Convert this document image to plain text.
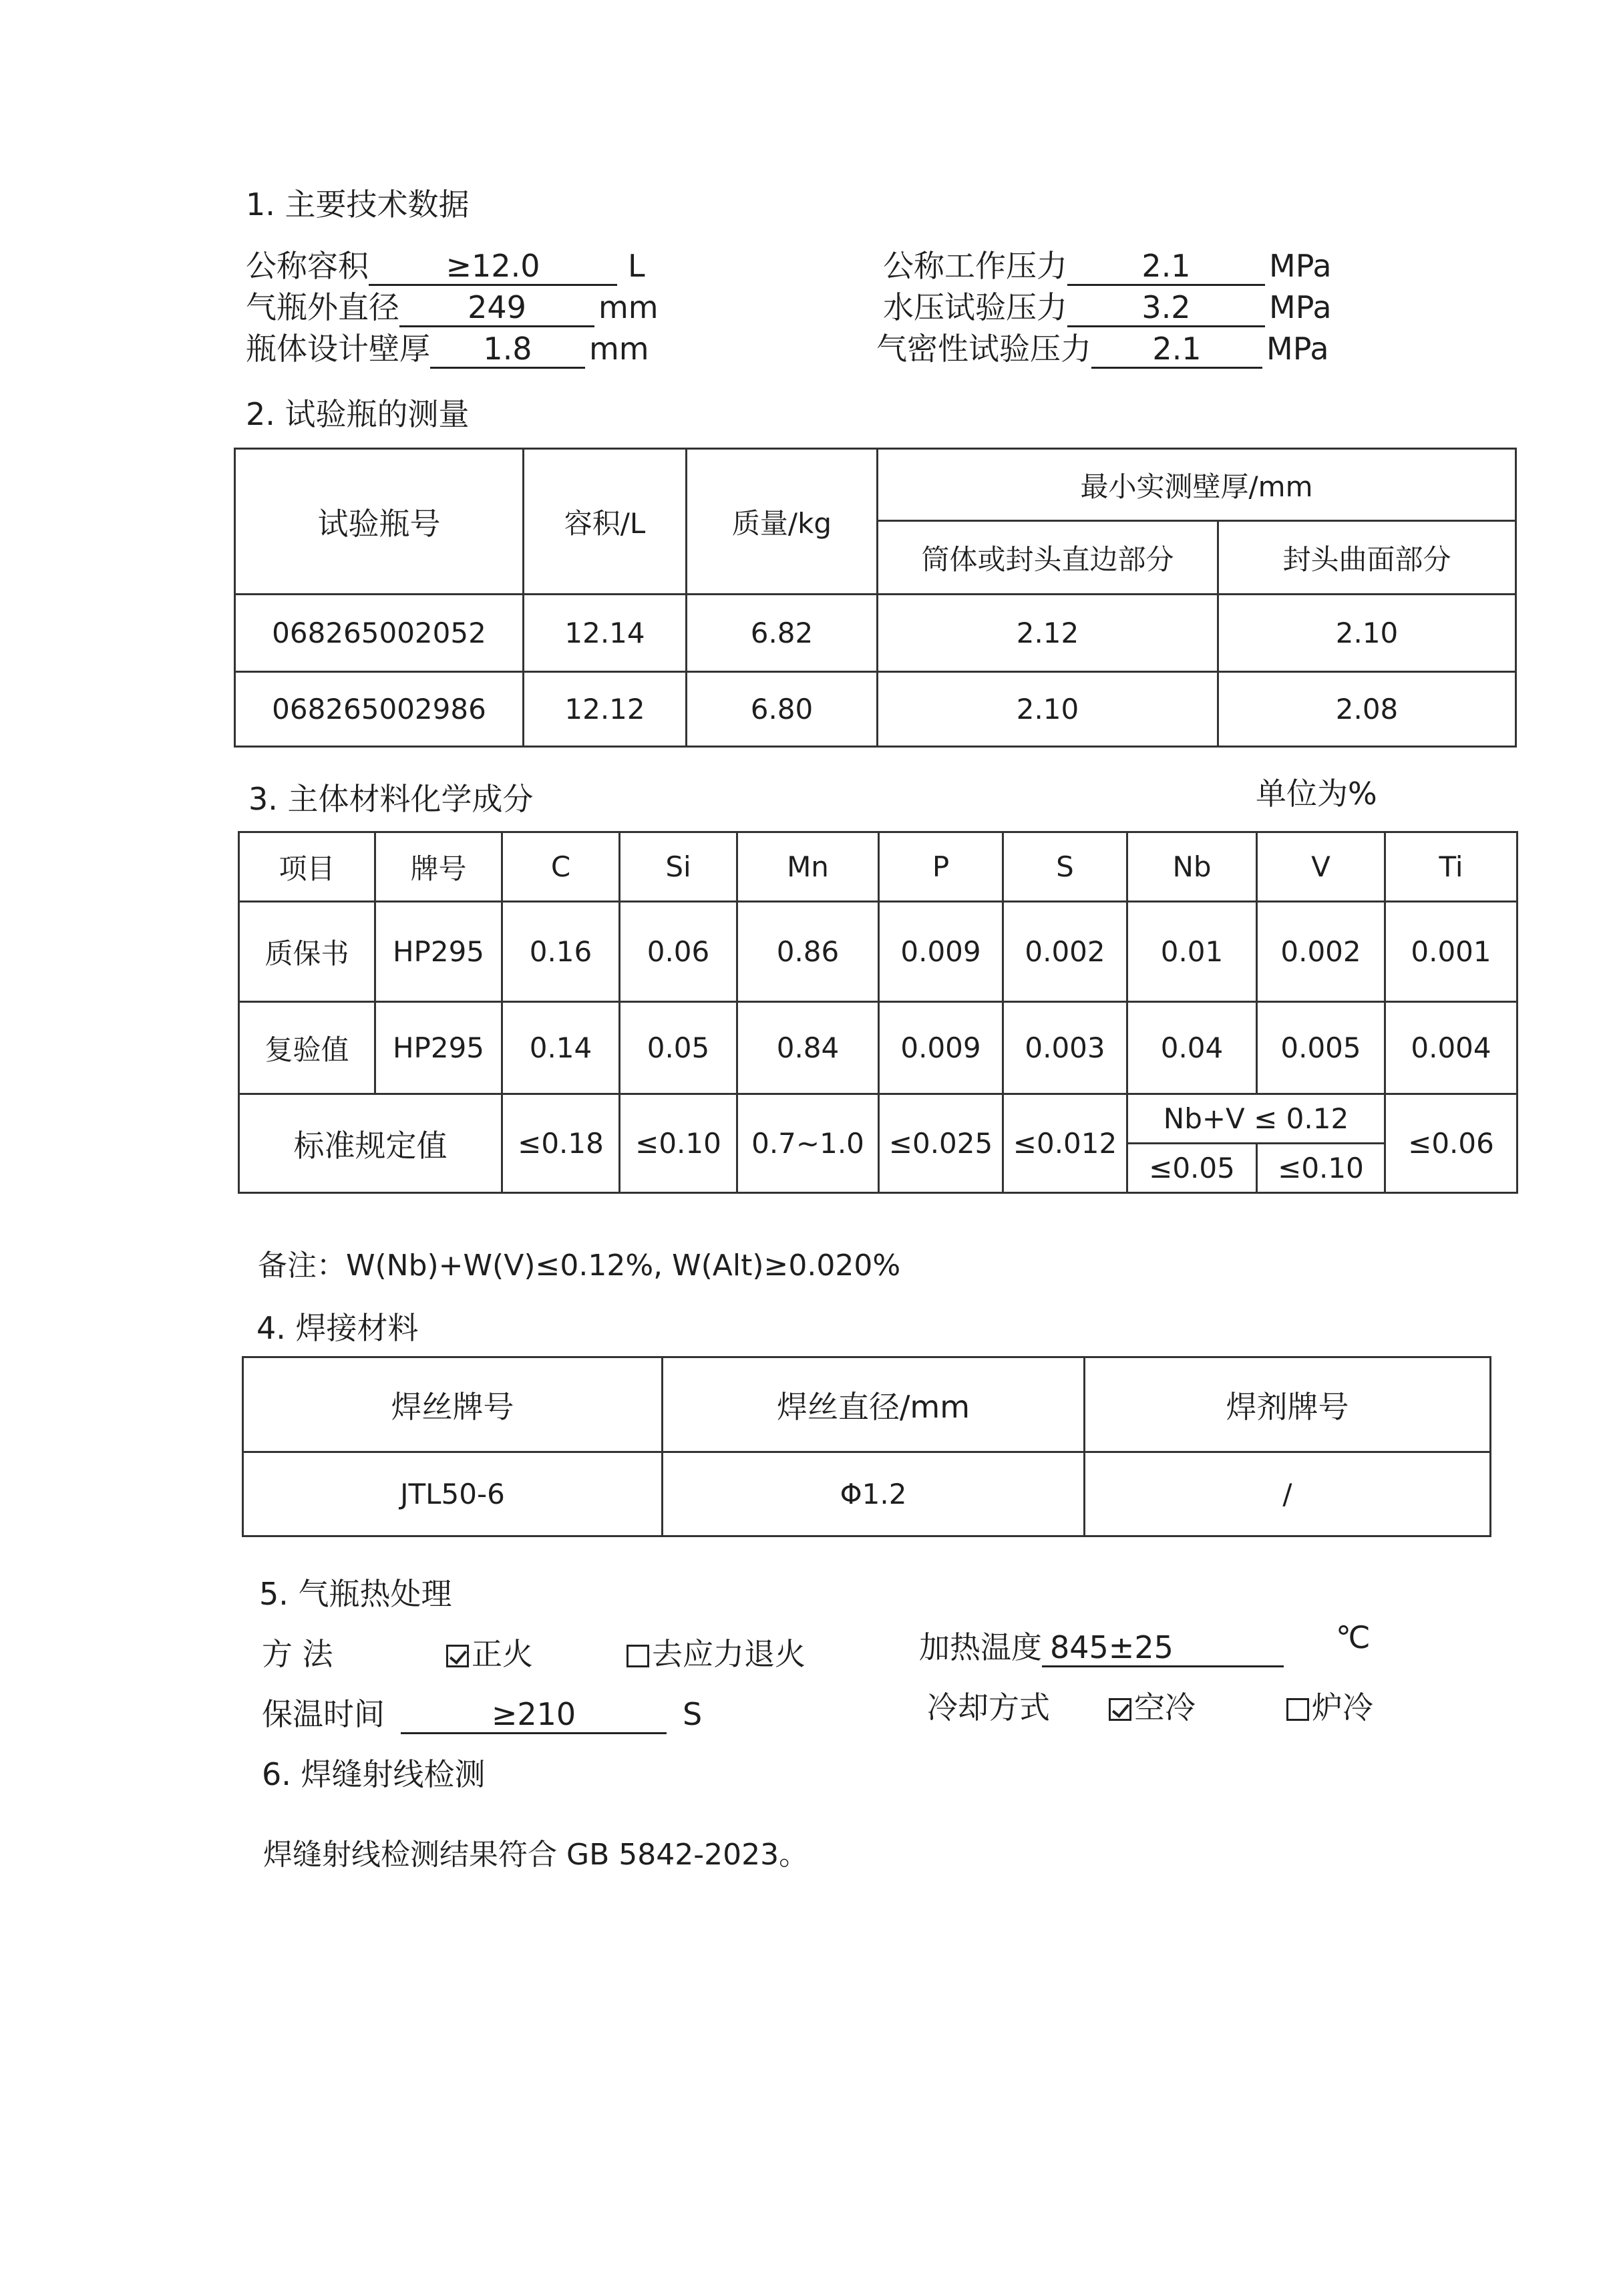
1. 主要技术数据
公称容积	≥12.0	L
气瓶外直径 249 mm
瓶体设计壁厚 1.8 mm
公称工作压力 2.1	MPa
水压试验压力 3.2	MPa
气密性试验压力 2.1 MPa
2. 试验瓶的测量
试验瓶号	容积/L	质量/kg	最小实测壁厚/mm	
			筒体或封头直边部分	封头曲面部分
068265002052	12.14	6.82	2.12	2.10
068265002986	12.12	6.80	2.10	2.08
3. 主体材料化学成分	单位为%
项目	牌号	C	Si	Mn	P	S	Nb	V	Ti
质保书	HP295	0.16	0.06	0.86	0.009	0.002	0.01	0.002	0.001
复验值	HP295	0.14	0.05	0.84	0.009	0.003	0.04	0.005	0.004
标准规定值		≤0.18	≤0.10	0.7~1.0	≤0.025	≤0.012	Nb+V ≤ 0.12		≤0.06
							≤0.05	≤0.10	
备注：W(Nb)+W(V)≤0.12%, W(Alt)≥0.020%
4. 焊接材料
焊丝牌号	焊丝直径/mm	焊剂牌号
JTL50-6	Φ1.2	/
5. 气瓶热处理
方 法	正火	去应力退火	加热温度 845±25	℃
保温时间	≥210	S	冷却方式	空冷	炉冷
6. 焊缝射线检测
焊缝射线检测结果符合 GB 5842-2023。
